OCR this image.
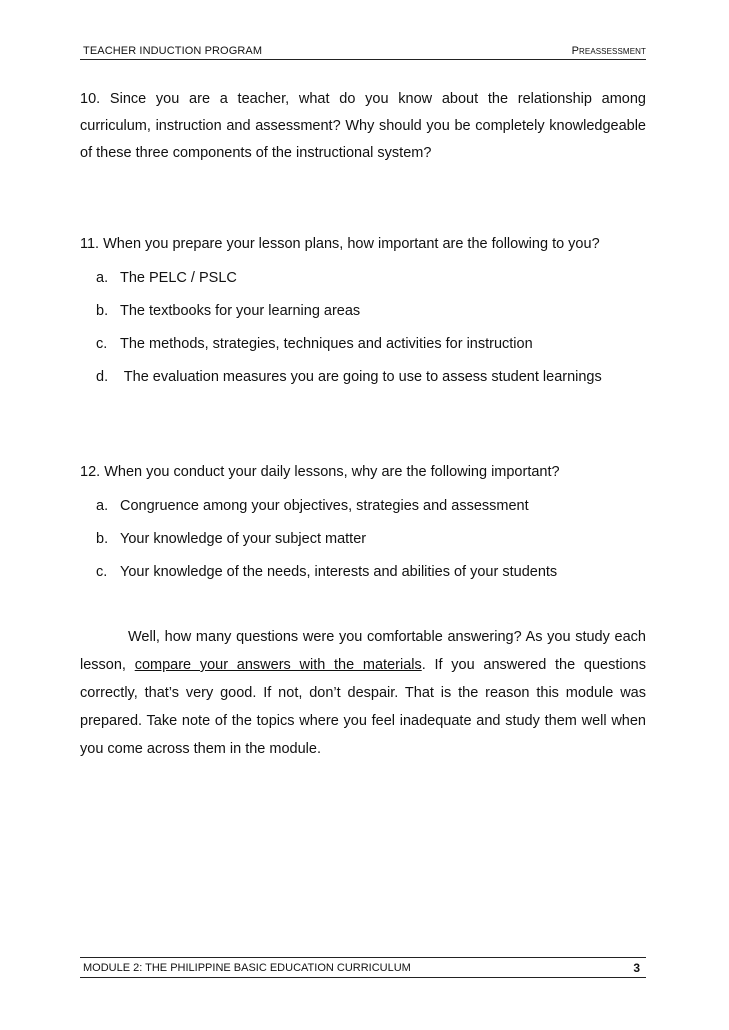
TEACHER INDUCTION PROGRAM	Preassessment
10. Since you are a teacher, what do you know about the relationship among curriculum, instruction and assessment? Why should you be completely knowledgeable of these three components of the instructional system?
11. When you prepare your lesson plans, how important are the following to you?
a. The PELC / PSLC
b. The textbooks for your learning areas
c. The methods, strategies, techniques and activities for instruction
d. The evaluation measures you are going to use to assess student learnings
12. When you conduct your daily lessons, why are the following important?
a. Congruence among your objectives, strategies and assessment
b. Your knowledge of your subject matter
c. Your knowledge of the needs, interests and abilities of your students
Well, how many questions were you comfortable answering? As you study each lesson, compare your answers with the materials. If you answered the questions correctly, that’s very good. If not, don’t despair. That is the reason this module was prepared. Take note of the topics where you feel inadequate and study them well when you come across them in the module.
MODULE 2: THE PHILIPPINE BASIC EDUCATION CURRICULUM	3
